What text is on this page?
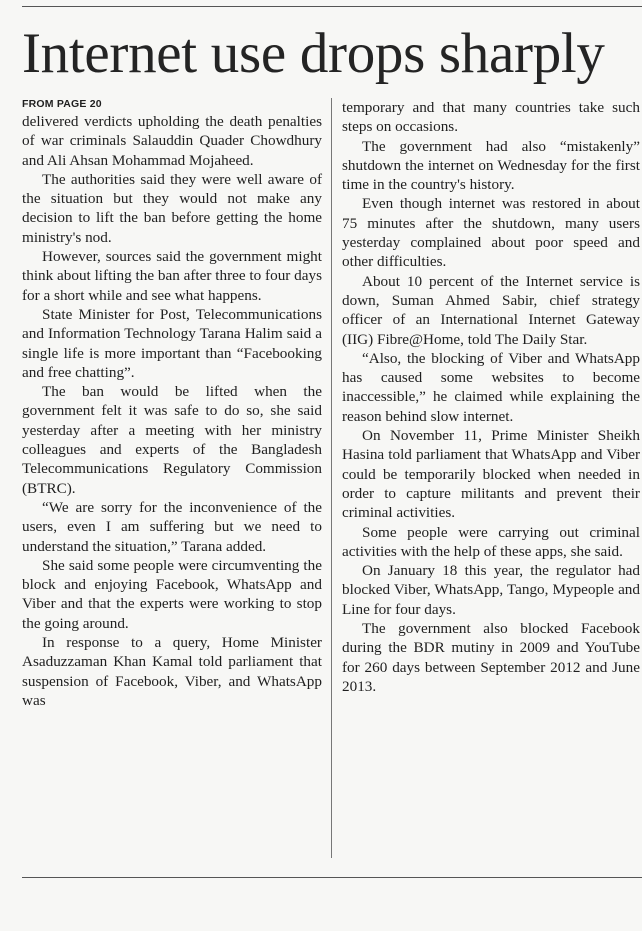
Internet use drops sharply
FROM PAGE 20

delivered verdicts upholding the death penalties of war criminals Salauddin Quader Chowdhury and Ali Ahsan Mohammad Mojaheed.

The authorities said they were well aware of the situation but they would not make any decision to lift the ban before getting the home ministry's nod.

However, sources said the government might think about lifting the ban after three to four days for a short while and see what happens.

State Minister for Post, Telecommunications and Information Technology Tarana Halim said a single life is more important than “Facebooking and free chatting”.

The ban would be lifted when the government felt it was safe to do so, she said yesterday after a meeting with her ministry colleagues and experts of the Bangladesh Telecommunications Regulatory Commission (BTRC).

“We are sorry for the inconvenience of the users, even I am suffering but we need to understand the situation,” Tarana added.

She said some people were circumventing the block and enjoying Facebook, WhatsApp and Viber and that the experts were working to stop the going around.

In response to a query, Home Minister Asaduzzaman Khan Kamal told parliament that suspension of Facebook, Viber, and WhatsApp was

temporary and that many countries take such steps on occasions.

The government had also “mistakenly” shutdown the internet on Wednesday for the first time in the country's history.

Even though internet was restored in about 75 minutes after the shutdown, many users yesterday complained about poor speed and other difficulties.

About 10 percent of the Internet service is down, Suman Ahmed Sabir, chief strategy officer of an International Internet Gateway (IIG) Fibre@Home, told The Daily Star.

“Also, the blocking of Viber and WhatsApp has caused some websites to become inaccessible,” he claimed while explaining the reason behind slow internet.

On November 11, Prime Minister Sheikh Hasina told parliament that WhatsApp and Viber could be temporarily blocked when needed in order to capture militants and prevent their criminal activities.

Some people were carrying out criminal activities with the help of these apps, she said.

On January 18 this year, the regulator had blocked Viber, WhatsApp, Tango, Mypeople and Line for four days.

The government also blocked Facebook during the BDR mutiny in 2009 and YouTube for 260 days between September 2012 and June 2013.
